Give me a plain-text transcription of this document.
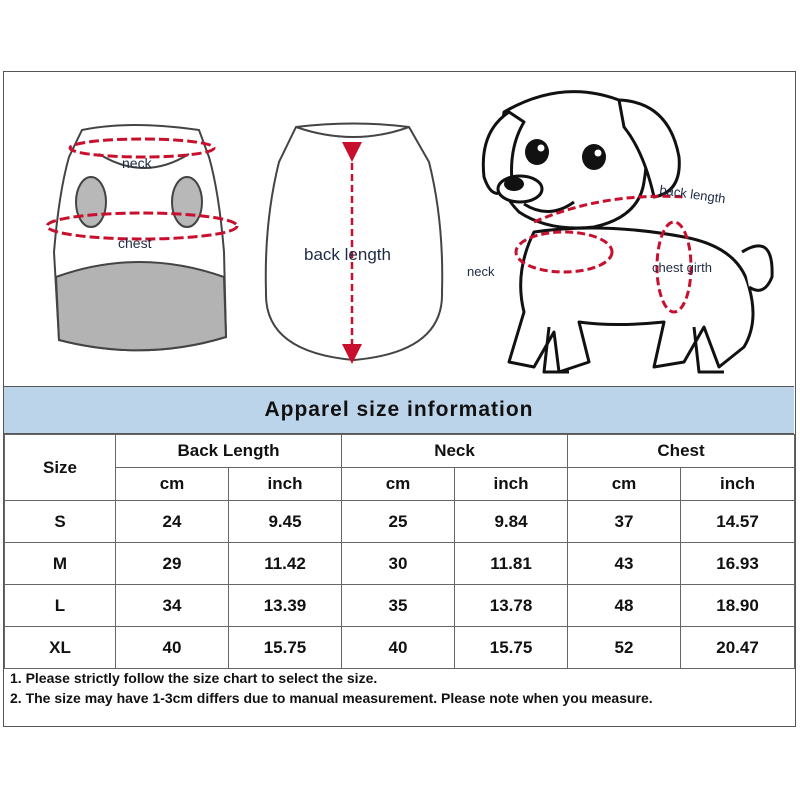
neck
chest
back length
back length
neck	chest girth
Apparel size information
Size	Back Length		Neck		Chest	
	cm	inch	cm	inch	cm	inch
S	24	9.45	25	9.84	37	14.57
M	29	11.42	30	11.81	43	16.93
L	34	13.39	35	13.78	48	18.90
XL	40	15.75	40	15.75	52	20.47
1. Please strictly follow the size chart to select the size.
2. The size may have 1-3cm differs due to manual measurement. Please note when you measure.
